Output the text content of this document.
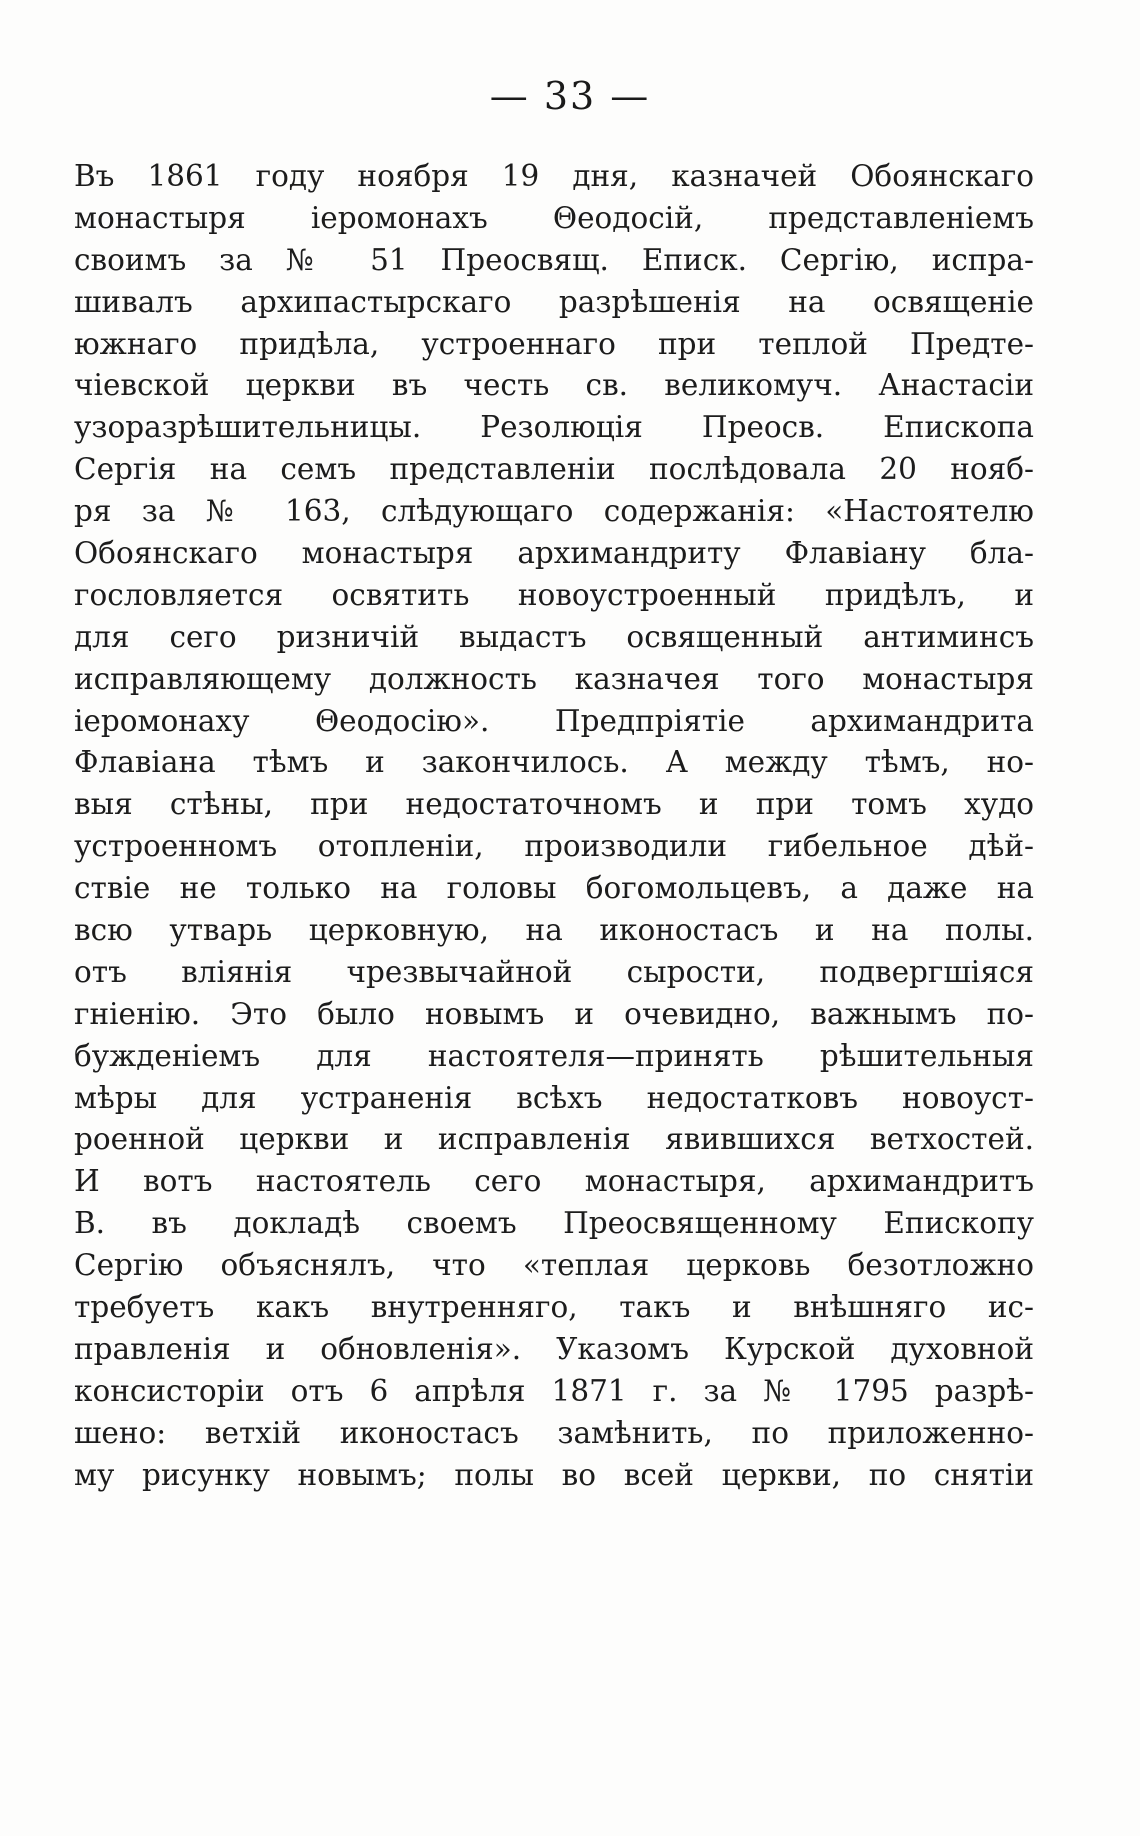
— 33 —
Въ 1861 году ноября 19 дня, казначей Обоянскаго
монастыря iеромонахъ Θеодосiй, представленiемъ
своимъ за № 51 Преосвящ. Еписк. Сергiю, испра-
шивалъ архипастырскаго разрѣшенiя на освященiе
южнаго придѣла, устроеннаго при теплой Предте-
чiевской церкви въ честь св. великомуч. Анастасiи
узоразрѣшительницы. Резолюцiя Преосв. Епископа
Сергiя на семъ представленiи послѣдовала 20 нояб-
ря за № 163, слѣдующаго содержанiя: «Настоятелю
Обоянскаго монастыря архимандриту Флавiану бла-
гословляется освятить новоустроенный придѣлъ, и
для сего ризничiй выдастъ освященный антиминсъ
исправляющему должность казначея того монастыря
iеромонаху Θеодосiю». Предпрiятiе архимандрита
Флавiана тѣмъ и закончилось. А между тѣмъ, но-
выя стѣны, при недостаточномъ и при томъ худо
устроенномъ отопленiи, производили гибельное дѣй-
ствiе не только на головы богомольцевъ, а даже на
всю утварь церковную, на иконостасъ и на полы.
отъ влiянiя чрезвычайной сырости, подвергшiяся
гнiенiю. Это было новымъ и очевидно, важнымъ по-
бужденiемъ для настоятеля—принять рѣшительныя
мѣры для устраненiя всѣхъ недостатковъ новоуст-
роенной церкви и исправленiя явившихся ветхостей.
И вотъ настоятель сего монастыря, архимандритъ
В. въ докладѣ своемъ Преосвященному Епископу
Сергiю объяснялъ, что «теплая церковь безотложно
требуетъ какъ внутренняго, такъ и внѣшняго ис-
правленiя и обновленiя». Указомъ Курской духовной
консисторiи отъ 6 апрѣля 1871 г. за № 1795 разрѣ-
шено: ветхiй иконостасъ замѣнить, по приложенно-
му рисунку новымъ; полы во всей церкви, по снятiи
